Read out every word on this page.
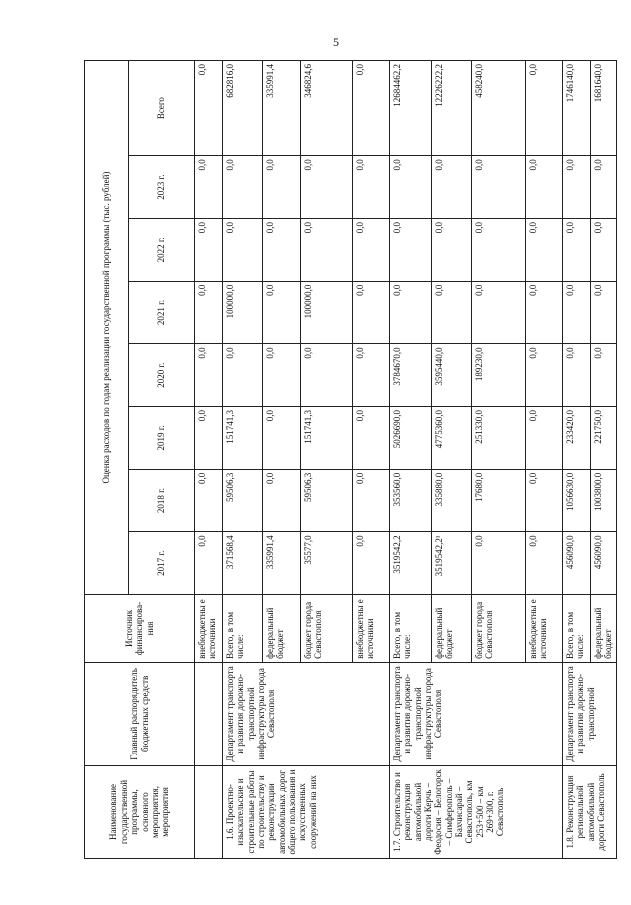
5
Наименование государственной программы, основного мероприятия, мероприятия	Главный распорядитель бюджетных средств	Источник финансирова-ния	Оценка расходов по годам реализации государственной программы (тыс. рублей)							
			2017 г.	2018 г.	2019 г.	2020 г.	2021 г.	2022 г.	2023 г.	Всего
		внебюджетны е источники	0,0	0,0	0,0	0,0	0,0	0,0	0,0	0,0
1.6. Проектно-изыскательские и строительные работы по строительству и реконструкции автомобильных дорог общего пользования и искусственных сооружений на них	Департамент транспорта и развития дорожно-транспортной инфраструктуры города Севастополя	Всего, в том числе:	371568,4	59506,3	151741,3	0,0	100000,0	0,0	0,0	682816,0
		федеральный бюджет	335991,4	0,0	0,0	0,0	0,0	0,0	0,0	335991,4
		бюджет города Севастополя	35577,0	59506,3	151741,3	0,0	100000,0	0,0	0,0	346824,6
		внебюджетны е источники	0,0	0,0	0,0	0,0	0,0	0,0	0,0	0,0
1.7. Строительство и реконструкция автомобильной дороги Керчь – Феодосия – Белогорск – Симферополь – Бахчисарай – Севастополь, км 253+500 – км 269+300, г. Севастополь	Департамент транспорта и развития дорожно-транспортной инфраструктуры города Севастополя	Всего, в том числе:	3519542,2	353560,0	5026690,0	3784670,0	0,0	0,0	0,0	12684462,2
		федеральный бюджет	3519542,2¹	335880,0	4775360,0	3595440,0	0,0	0,0	0,0	12226222,2
		бюджет города Севастополя	0,0	17680,0	251330,0	189230,0	0,0	0,0	0,0	458240,0
		внебюджетны е источники	0,0	0,0	0,0	0,0	0,0	0,0	0,0	0,0
1.8. Реконструкция региональной автомобильной дороги Севастополь	Департамент транспорта и развития дорожно-транспортной	Всего, в том числе:	456090,0	1056630,0	233420,0	0,0	0,0	0,0	0,0	1746140,0
		федеральный бюджет	456090,0	1003800,0	221750,0	0,0	0,0	0,0	0,0	1681640,0
